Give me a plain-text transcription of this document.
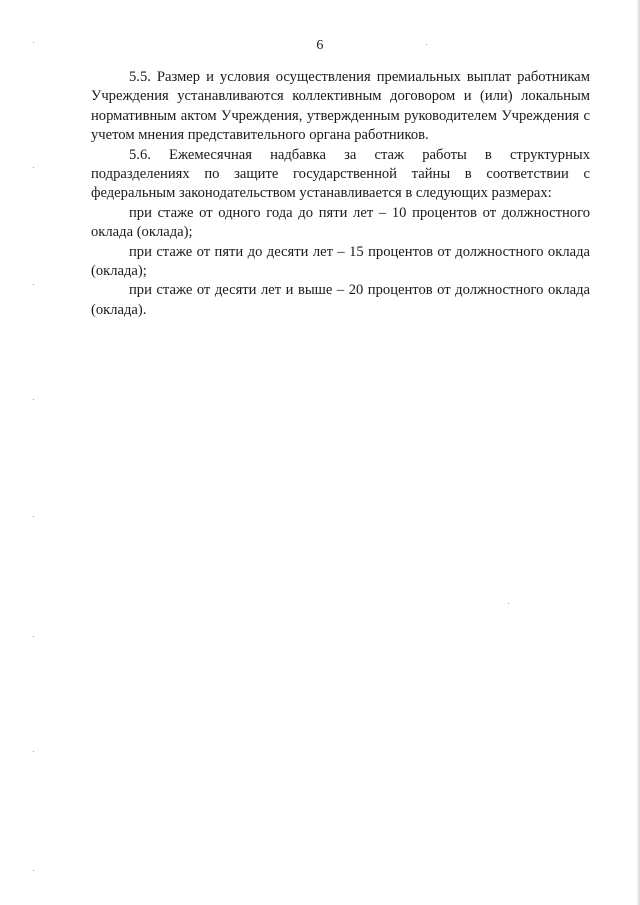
6

5.5. Размер и условия осуществления премиальных выплат работникам Учреждения устанавливаются коллективным договором и (или) локальным нормативным актом Учреждения, утвержденным руководителем Учреждения с учетом мнения представительного органа работников.

5.6. Ежемесячная надбавка за стаж работы в структурных подразделениях по защите государственной тайны в соответствии с федеральным законодательством устанавливается в следующих размерах:

при стаже от одного года до пяти лет – 10 процентов от должностного оклада (оклада);

при стаже от пяти до десяти лет – 15 процентов от должностного оклада (оклада);

при стаже от десяти лет и выше – 20 процентов от должностного оклада (оклада).
